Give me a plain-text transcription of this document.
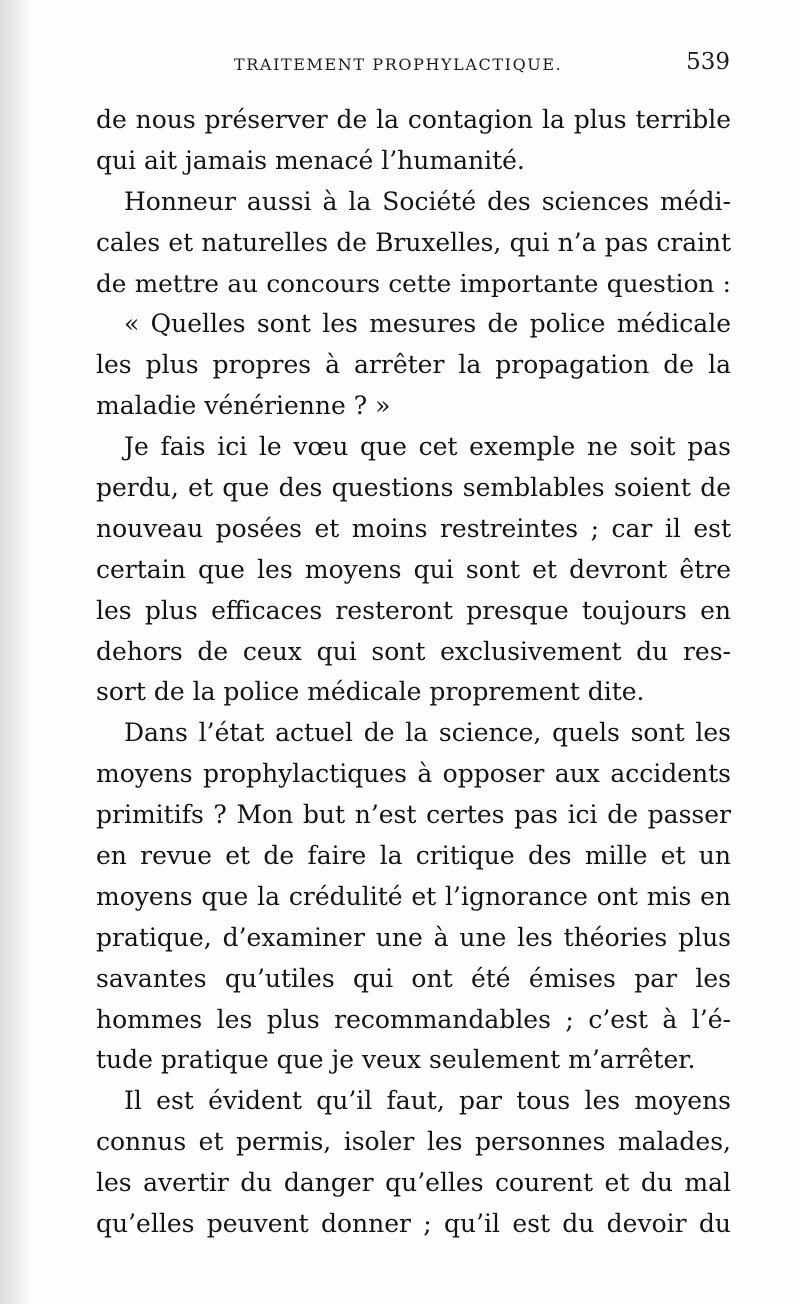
TRAITEMENT PROPHYLACTIQUE.	539
de nous préserver de la contagion la plus terrible
qui ait jamais menacé l’humanité.
Honneur aussi à la Société des sciences médi-
cales et naturelles de Bruxelles, qui n’a pas craint
de mettre au concours cette importante question :
« Quelles sont les mesures de police médicale
les plus propres à arrêter la propagation de la
maladie vénérienne ? »
Je fais ici le vœu que cet exemple ne soit pas
perdu, et que des questions semblables soient de
nouveau posées et moins restreintes ; car il est
certain que les moyens qui sont et devront être
les plus efficaces resteront presque toujours en
dehors de ceux qui sont exclusivement du res-
sort de la police médicale proprement dite.
Dans l’état actuel de la science, quels sont les
moyens prophylactiques à opposer aux accidents
primitifs ? Mon but n’est certes pas ici de passer
en revue et de faire la critique des mille et un
moyens que la crédulité et l’ignorance ont mis en
pratique, d’examiner une à une les théories plus
savantes qu’utiles qui ont été émises par les
hommes les plus recommandables ; c’est à l’é-
tude pratique que je veux seulement m’arrêter.
Il est évident qu’il faut, par tous les moyens
connus et permis, isoler les personnes malades,
les avertir du danger qu’elles courent et du mal
qu’elles peuvent donner ; qu’il est du devoir du
